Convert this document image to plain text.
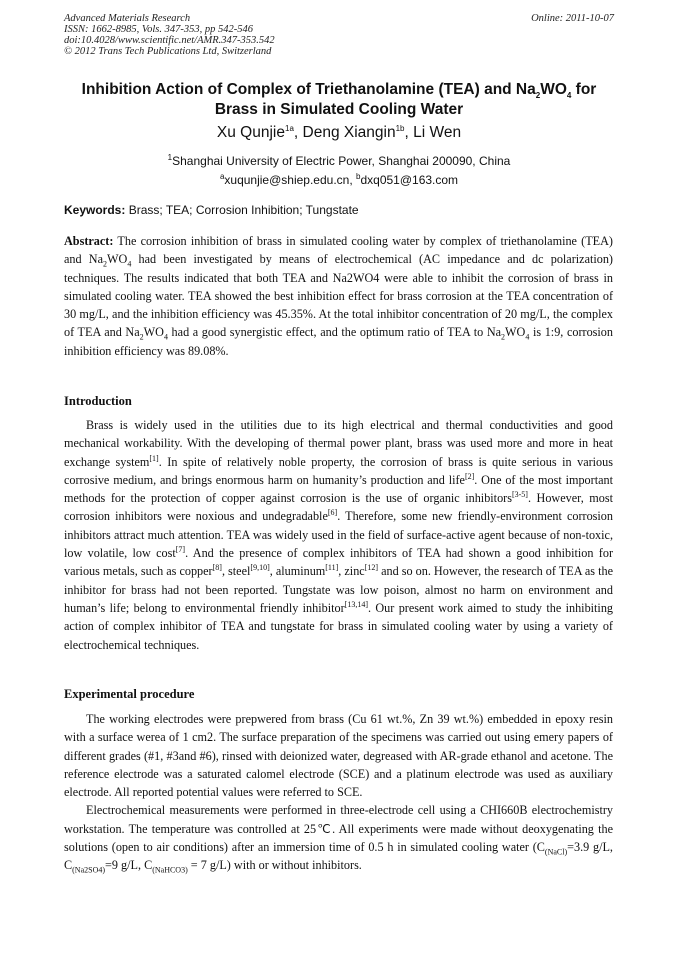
Advanced Materials Research
ISSN: 1662-8985, Vols. 347-353, pp 542-546
doi:10.4028/www.scientific.net/AMR.347-353.542
© 2012 Trans Tech Publications Ltd, Switzerland
Online: 2011-10-07
Inhibition Action of Complex of Triethanolamine (TEA) and $Na_2WO_4$ for
Brass in Simulated Cooling Water
Xu Qunjie$^{1a}$, Deng Xiangin$^{1b}$, Li Wen
$^1$Shanghai University of Electric Power, Shanghai 200090, China
$^a$xuqunjie@shiep.edu.cn, $^b$dxq051@163.com
Keywords: Brass; TEA; Corrosion Inhibition; Tungstate

Abstract: The corrosion inhibition of brass in simulated cooling water by complex of triethanolamine (TEA) and $Na_2WO_4$ had been investigated by means of electrochemical (AC impedance and dc polarization) techniques. The results indicated that both TEA and Na2WO4 were able to inhibit the corrosion of brass in simulated cooling water. TEA showed the best inhibition effect for brass corrosion at the TEA concentration of 30 mg/L, and the inhibition efficiency was 45.35%. At the total inhibitor concentration of 20 mg/L, the complex of TEA and $Na_2WO_4$ had a good synergistic effect, and the optimum ratio of TEA to $Na_2WO_4$ is 1:9, corrosion inhibition efficiency was 89.08%.

Introduction

Brass is widely used in the utilities due to its high electrical and thermal conductivities and good mechanical workability. With the developing of thermal power plant, brass was used more and more in heat exchange system[1]. In spite of relatively noble property, the corrosion of brass is quite serious in various corrosive medium, and brings enormous harm on humanity’s production and life[2]. One of the most important methods for the protection of copper against corrosion is the use of organic inhibitors[3-5]. However, most corrosion inhibitors were noxious and undegradable[6]. Therefore, some new friendly-environment corrosion inhibitors attract much attention. TEA was widely used in the field of surface-active agent because of non-toxic, low volatile, low cost[7]. And the presence of complex inhibitors of TEA had shown a good inhibition for various metals, such as copper[8], steel[9,10], aluminum[11], zinc[12] and so on. However, the research of TEA as the inhibitor for brass had not been reported. Tungstate was low poison, almost no harm on environment and human’s life; belong to environmental friendly inhibitor[13,14]. Our present work aimed to study the inhibiting action of complex inhibitor of TEA and tungstate for brass in simulated cooling water by using a variety of electrochemical techniques.

Experimental procedure

The working electrodes were prepwered from brass (Cu 61 wt.%, Zn 39 wt.%) embedded in epoxy resin with a surface werea of 1 cm2. The surface preparation of the specimens was carried out using emery papers of different grades (#1, #3and #6), rinsed with deionized water, degreased with AR-grade ethanol and acetone. The reference electrode was a saturated calomel electrode (SCE) and a platinum electrode was used as auxiliary electrode. All reported potential values were referred to SCE.

Electrochemical measurements were performed in three-electrode cell using a CHI660B electrochemistry workstation. The temperature was controlled at 25℃. All experiments were made without deoxygenating the solutions (open to air conditions) after an immersion time of 0.5 h in simulated cooling water ($C_{(NaCl)}=3.9$ g/L, $C_{(Na2SO4)}=9$ g/L, $C_{(NaHCO3)} = 7$ g/L) with or without inhibitors.
